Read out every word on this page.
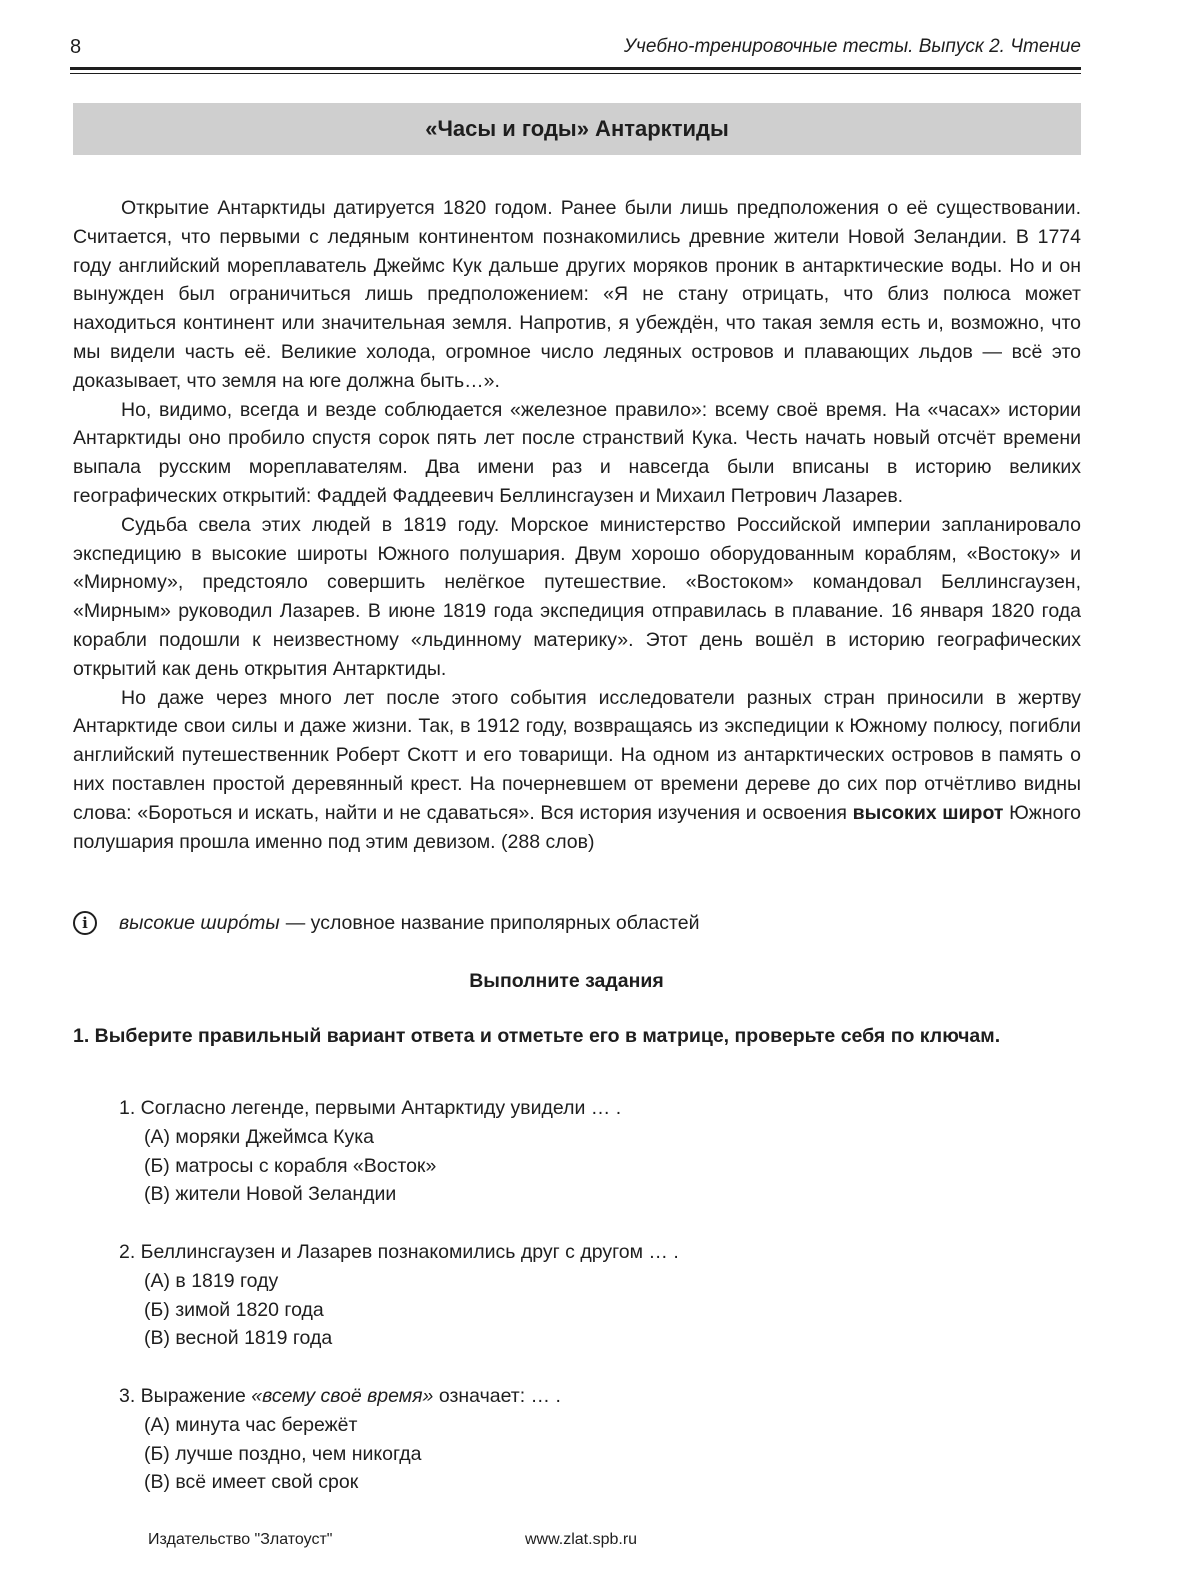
8	Учебно-тренировочные тесты. Выпуск 2. Чтение
«Часы и годы» Антарктиды

Открытие Антарктиды датируется 1820 годом. Ранее были лишь предположения о её существовании. Считается, что первыми с ледяным континентом познакомились древние жители Новой Зеландии. В 1774 году английский мореплаватель Джеймс Кук дальше других моряков проник в антарктические воды. Но и он вынужден был ограничиться лишь предположением: «Я не стану отрицать, что близ полюса может находиться континент или значительная земля. Напротив, я убеждён, что такая земля есть и, возможно, что мы видели часть её. Великие холода, огромное число ледяных островов и плавающих льдов — всё это доказывает, что земля на юге должна быть…».

Но, видимо, всегда и везде соблюдается «железное правило»: всему своё время. На «часах» истории Антарктиды оно пробило спустя сорок пять лет после странствий Кука. Честь начать новый отсчёт времени выпала русским мореплавателям. Два имени раз и навсегда были вписаны в историю великих географических открытий: Фаддей Фаддеевич Беллинсгаузен и Михаил Петрович Лазарев.

Судьба свела этих людей в 1819 году. Морское министерство Российской империи запланировало экспедицию в высокие широты Южного полушария. Двум хорошо оборудованным кораблям, «Востоку» и «Мирному», предстояло совершить нелёгкое путешествие. «Востоком» командовал Беллинсгаузен, «Мирным» руководил Лазарев. В июне 1819 года экспедиция отправилась в плавание. 16 января 1820 года корабли подошли к неизвестному «льдинному материку». Этот день вошёл в историю географических открытий как день открытия Антарктиды.

Но даже через много лет после этого события исследователи разных стран приносили в жертву Антарктиде свои силы и даже жизни. Так, в 1912 году, возвращаясь из экспедиции к Южному полюсу, погибли английский путешественник Роберт Скотт и его товарищи. На одном из антарктических островов в память о них поставлен простой деревянный крест. На почерневшем от времени дереве до сих пор отчётливо видны слова: «Бороться и искать, найти и не сдаваться». Вся история изучения и освоения высоких широт Южного полушария прошла именно под этим девизом. (288 слов)

i	высокие широ́ты — условное название приполярных областей
Выполните задания
1. Выберите правильный вариант ответа и отметьте его в матрице, проверьте себя по ключам.
1. Согласно легенде, первыми Антарктиду увидели … .
(А) моряки Джеймса Кука
(Б) матросы с корабля «Восток»
(В) жители Новой Зеландии
2. Беллинсгаузен и Лазарев познакомились друг с другом … .
(А) в 1819 году
(Б) зимой 1820 года
(В) весной 1819 года
3. Выражение «всему своё время» означает: … .
(А) минута час бережёт
(Б) лучше поздно, чем никогда
(В) всё имеет свой срок
Издательство "Златоуст"	www.zlat.spb.ru
